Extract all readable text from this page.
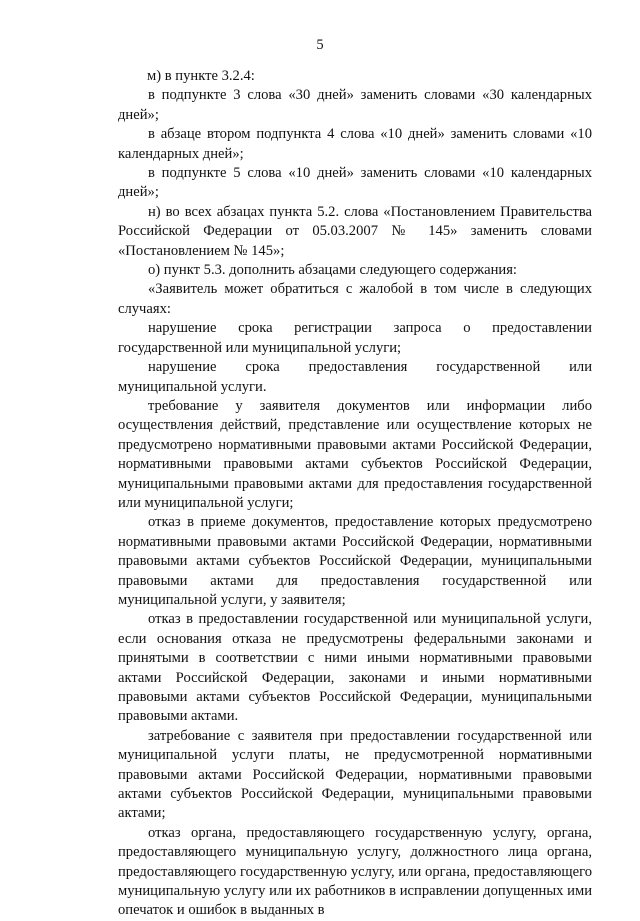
5

м) в пункте 3.2.4:

в подпункте 3 слова «30 дней» заменить словами «30 календарных дней»;

в абзаце втором подпункта 4 слова «10 дней» заменить словами «10 календарных дней»;

в подпункте 5 слова «10 дней» заменить словами «10 календарных дней»;

н) во всех абзацах пункта 5.2. слова «Постановлением Правительства Российской Федерации от 05.03.2007 № 145» заменить словами «Постановлением № 145»;

о) пункт 5.3. дополнить абзацами следующего содержания:

«Заявитель может обратиться с жалобой в том числе в следующих случаях:

нарушение срока регистрации запроса о предоставлении государственной или муниципальной услуги;

нарушение срока предоставления государственной или муниципальной услуги.

требование у заявителя документов или информации либо осуществления действий, представление или осуществление которых не предусмотрено нормативными правовыми актами Российской Федерации, нормативными правовыми актами субъектов Российской Федерации, муниципальными правовыми актами для предоставления государственной или муниципальной услуги;

отказ в приеме документов, предоставление которых предусмотрено нормативными правовыми актами Российской Федерации, нормативными правовыми актами субъектов Российской Федерации, муниципальными правовыми актами для предоставления государственной или муниципальной услуги, у заявителя;

отказ в предоставлении государственной или муниципальной услуги, если основания отказа не предусмотрены федеральными законами и принятыми в соответствии с ними иными нормативными правовыми актами Российской Федерации, законами и иными нормативными правовыми актами субъектов Российской Федерации, муниципальными правовыми актами.

затребование с заявителя при предоставлении государственной или муниципальной услуги платы, не предусмотренной нормативными правовыми актами Российской Федерации, нормативными правовыми актами субъектов Российской Федерации, муниципальными правовыми актами;

отказ органа, предоставляющего государственную услугу, органа, предоставляющего муниципальную услугу, должностного лица органа, предоставляющего государственную услугу, или органа, предоставляющего муниципальную услугу или их работников в исправлении допущенных ими опечаток и ошибок в выданных в
